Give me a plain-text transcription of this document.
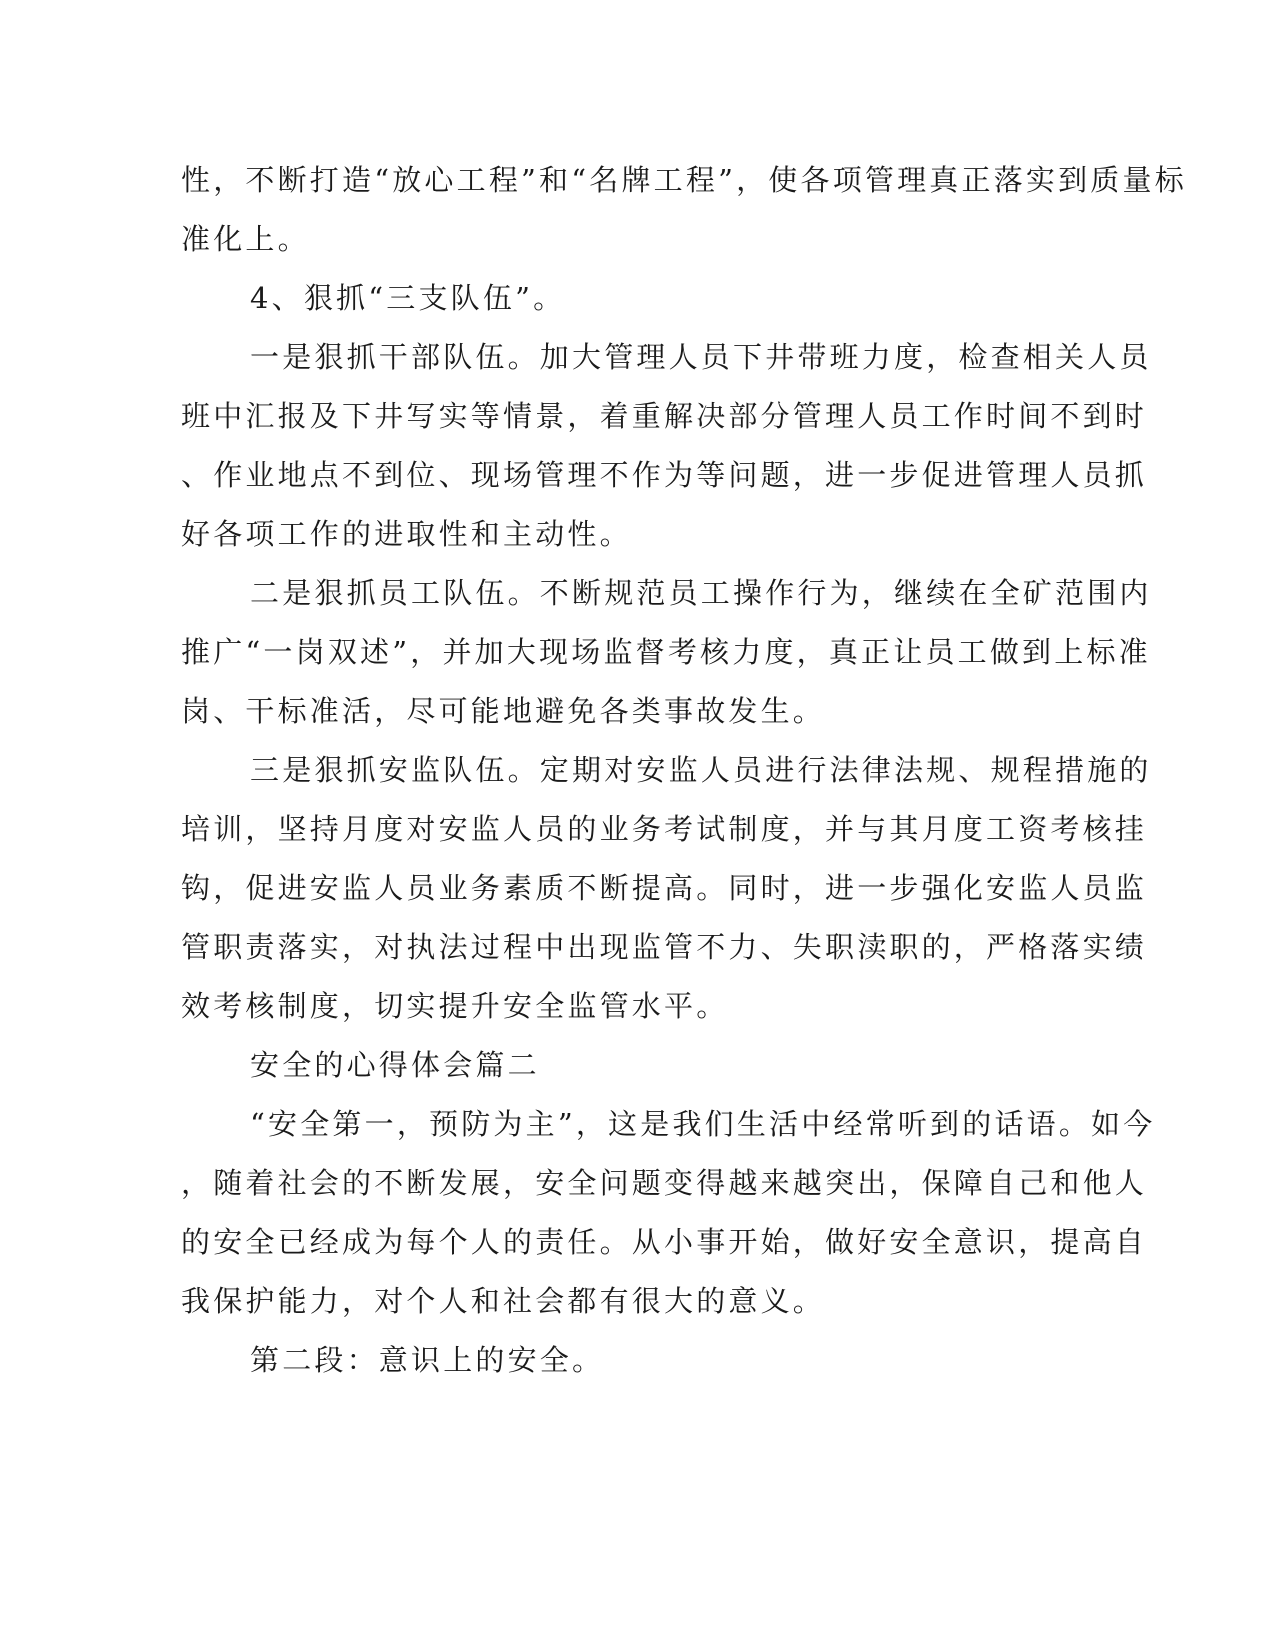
性，不断打造“放心工程”和“名牌工程”，使各项管理真正落实到质量标
准化上。
4、狠抓“三支队伍”。
一是狠抓干部队伍。加大管理人员下井带班力度，检查相关人员
班中汇报及下井写实等情景，着重解决部分管理人员工作时间不到时
、作业地点不到位、现场管理不作为等问题，进一步促进管理人员抓
好各项工作的进取性和主动性。
二是狠抓员工队伍。不断规范员工操作行为，继续在全矿范围内
推广“一岗双述”，并加大现场监督考核力度，真正让员工做到上标准
岗、干标准活，尽可能地避免各类事故发生。
三是狠抓安监队伍。定期对安监人员进行法律法规、规程措施的
培训，坚持月度对安监人员的业务考试制度，并与其月度工资考核挂
钩，促进安监人员业务素质不断提高。同时，进一步强化安监人员监
管职责落实，对执法过程中出现监管不力、失职渎职的，严格落实绩
效考核制度，切实提升安全监管水平。
安全的心得体会篇二
“安全第一，预防为主”，这是我们生活中经常听到的话语。如今
，随着社会的不断发展，安全问题变得越来越突出，保障自己和他人
的安全已经成为每个人的责任。从小事开始，做好安全意识，提高自
我保护能力，对个人和社会都有很大的意义。
第二段：意识上的安全。
